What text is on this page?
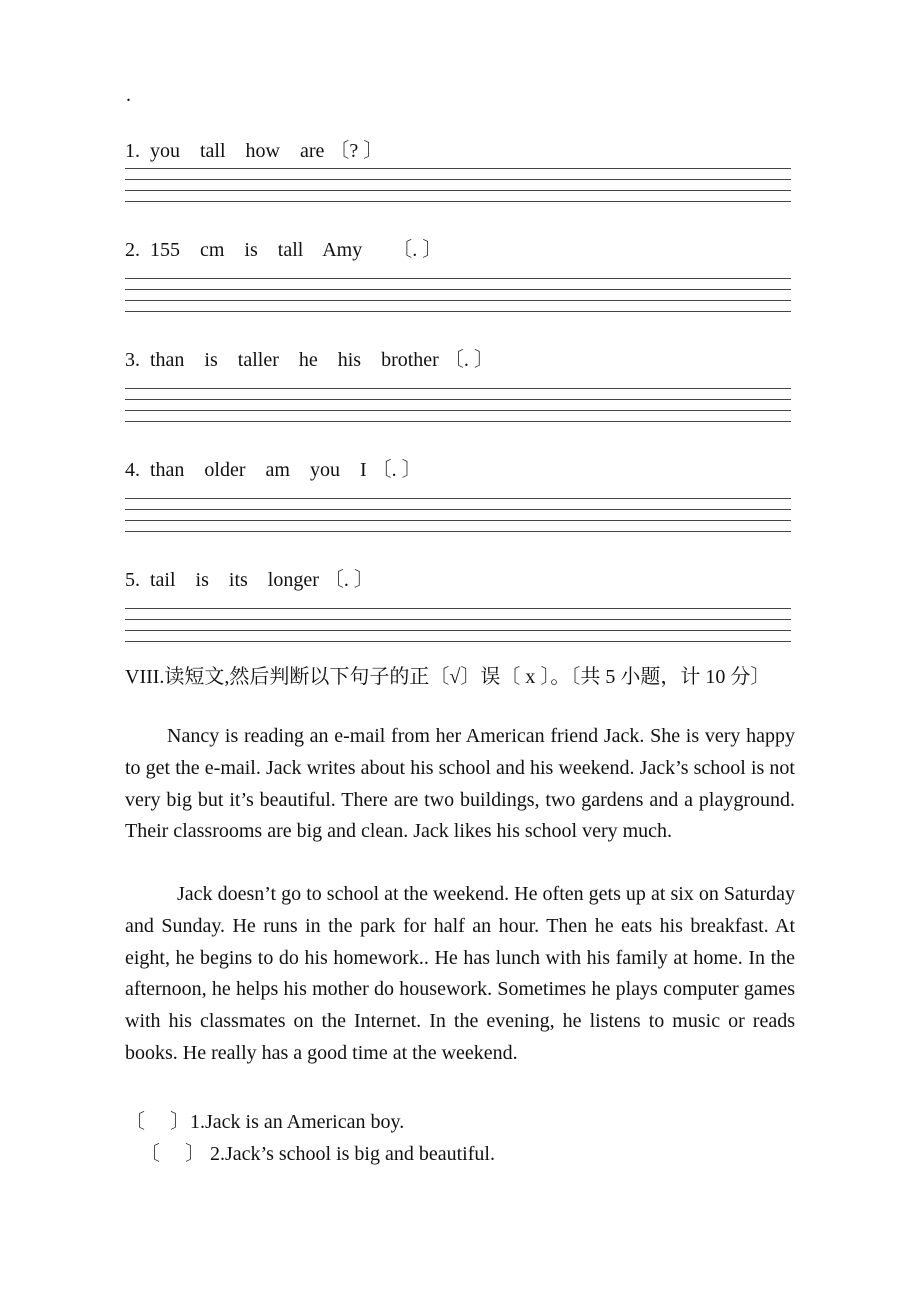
.
1.  you    tall    how    are 〔? 〕
2.  155    cm    is    tall    Amy      〔. 〕
3.  than    is    taller    he    his    brother 〔. 〕
4.  than    older    am    you    I 〔. 〕
5.  tail    is    its    longer 〔. 〕
VIII.读短文,然后判断以下句子的正〔√〕误〔 x 〕。〔共 5 小题，计 10 分〕

Nancy is reading an e-mail from her American friend Jack. She is very happy to get the e-mail. Jack writes about his school and his weekend. Jack’s school is not very big but it’s beautiful. There are two buildings, two gardens and a playground. Their classrooms are big and clean. Jack likes his school very much.

Jack doesn’t go to school at the weekend. He often gets up at six on Saturday and Sunday. He runs in the park for half an hour. Then he eats his breakfast. At eight, he begins to do his homework.. He has lunch with his family at home. In the afternoon, he helps his mother do housework. Sometimes he plays computer games with his classmates on the Internet. In the evening, he listens to music or reads books. He really has a good time at the weekend.

〔     〕1.Jack is an American boy.
〔     〕 2.Jack’s school is big and beautiful.
